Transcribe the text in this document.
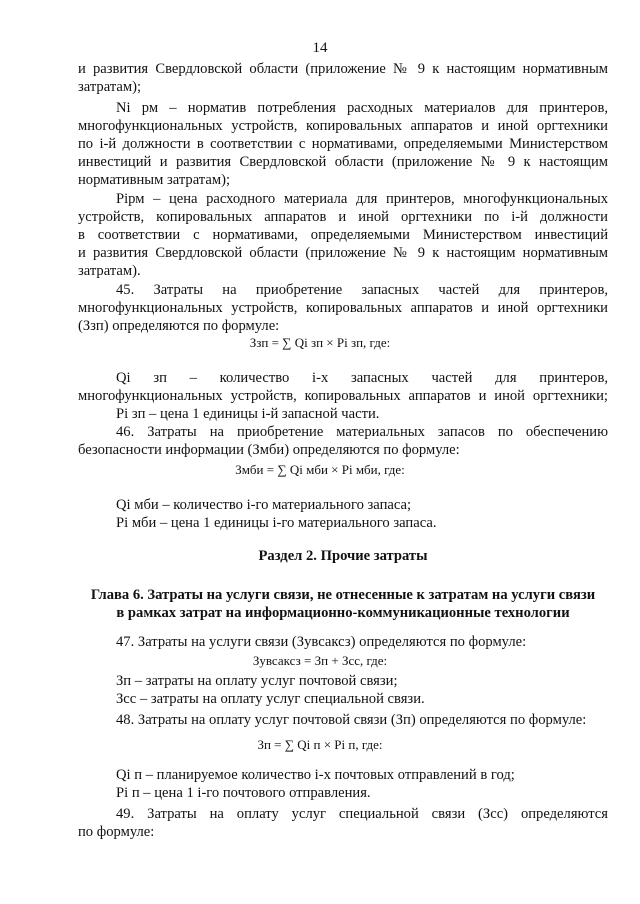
14
и развития Свердловской области (приложение № 9 к настоящим нормативным
затратам);
Ni рм – норматив потребления расходных материалов для принтеров,
многофункциональных устройств, копировальных аппаратов и иной оргтехники
по i-й должности в соответствии с нормативами, определяемыми Министерством
инвестиций и развития Свердловской области (приложение № 9 к настоящим
нормативным затратам);
Piрм – цена расходного материала для принтеров, многофункциональных
устройств, копировальных аппаратов и иной оргтехники по i-й должности
в соответствии с нормативами, определяемыми Министерством инвестиций
и развития Свердловской области (приложение № 9 к настоящим нормативным
затратам).
45. Затраты на приобретение запасных частей для принтеров,
многофункциональных устройств, копировальных аппаратов и иной оргтехники
(Ззп) определяются по формуле:
Ззп = ∑ Qi зп × Pi зп, где:
Qi зп – количество i-х запасных частей для принтеров,
многофункциональных устройств, копировальных аппаратов и иной оргтехники;
Pi зп – цена 1 единицы i-й запасной части.
46. Затраты на приобретение материальных запасов по обеспечению
безопасности информации (Змби) определяются по формуле:
Змби = ∑ Qi мби × Pi мби, где:
Qi мби – количество i-го материального запаса;
Pi мби – цена 1 единицы i-го материального запаса.
Раздел 2. Прочие затраты
Глава 6. Затраты на услуги связи, не отнесенные к затратам на услуги связи
в рамках затрат на информационно-коммуникационные технологии
47. Затраты на услуги связи (Зувсаксз) определяются по формуле:
Зувсаксз = Зп + Зсс, где:
Зп – затраты на оплату услуг почтовой связи;
Зсс – затраты на оплату услуг специальной связи.
48. Затраты на оплату услуг почтовой связи (Зп) определяются по формуле:
Зп = ∑ Qi п × Pi п, где:
Qi п – планируемое количество i-х почтовых отправлений в год;
Pi п – цена 1 i-го почтового отправления.
49. Затраты на оплату услуг специальной связи (Зсс) определяются
по формуле:
